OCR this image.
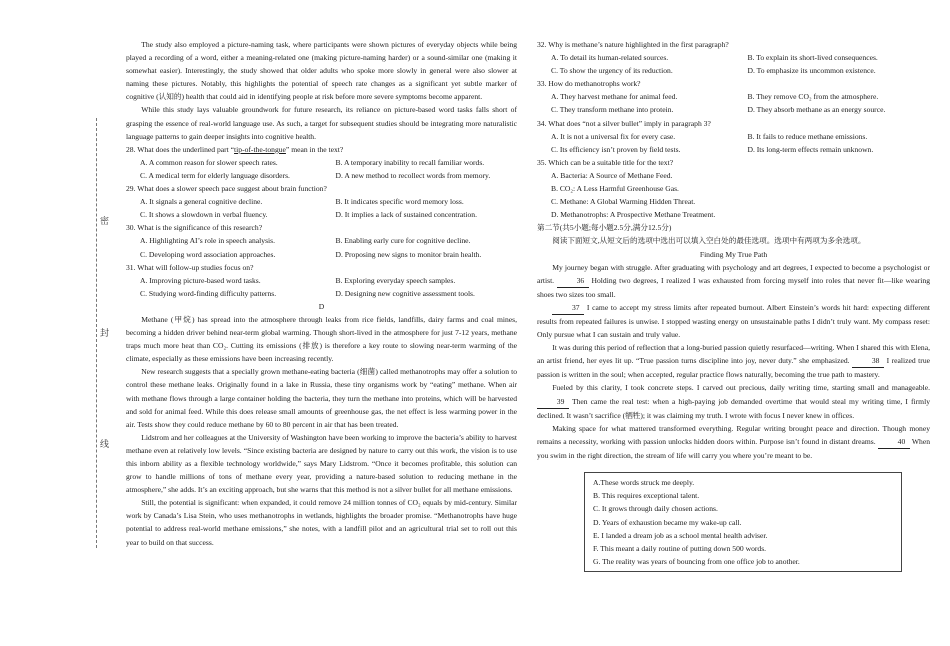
密
封
线

The study also employed a picture-naming task, where participants were shown pictures of everyday objects while being played a recording of a word, either a meaning-related one (making picture-naming harder) or a sound-similar one (making it somewhat easier). Interestingly, the study showed that older adults who spoke more slowly in general were also slower at naming these pictures. Notably, this highlights the potential of speech rate changes as a significant yet subtle marker of cognitive (认知的) health that could aid in identifying people at risk before more severe symptoms become apparent.

While this study lays valuable groundwork for future research, its reliance on picture-based word tasks falls short of grasping the essence of real-world language use. As such, a target for subsequent studies should be integrating more naturalistic language patterns to gain deeper insights into cognitive health.

28. What does the underlined part “tip-of-the-tongue” mean in the text?

A. A common reason for slower speech rates.	B. A temporary inability to recall familiar words.
C. A medical term for elderly language disorders.	D. A new method to recollect words from memory.

29. What does a slower speech pace suggest about brain function?

A. It signals a general cognitive decline.	B. It indicates specific word memory loss.
C. It shows a slowdown in verbal fluency.	D. It implies a lack of sustained concentration.

30. What is the significance of this research?

A. Highlighting AI’s role in speech analysis.	B. Enabling early cure for cognitive decline.
C. Developing word association approaches.	D. Proposing new signs to monitor brain health.

31. What will follow-up studies focus on?

A. Improving picture-based word tasks.	B. Exploring everyday speech samples.
C. Studying word-finding difficulty patterns.	D. Designing new cognitive assessment tools.

D

Methane (甲烷) has spread into the atmosphere through leaks from rice fields, landfills, dairy farms and coal mines, becoming a hidden driver behind near-term global warming. Though short-lived in the atmosphere for just 7-12 years, methane traps much more heat than CO₂. Cutting its emissions (排放) is therefore a key route to slowing near-term warming of the climate, especially as these emissions have been increasing recently.

New research suggests that a specially grown methane-eating bacteria (细菌) called methanotrophs may offer a solution to control these methane leaks. Originally found in a lake in Russia, these tiny organisms work by “eating” methane. When air with methane flows through a large container holding the bacteria, they turn the methane into proteins, which will be harvested and sold for animal feed. While this does release small amounts of greenhouse gas, the net effect is less warming power in the air. Tests show they could reduce methane by 60 to 80 percent in air that has been treated.

Lidstrom and her colleagues at the University of Washington have been working to improve the bacteria’s ability to harvest methane even at relatively low levels. “Since existing bacteria are designed by nature to carry out this work, the vision is to use this inborn ability as a flexible technology worldwide,” says Mary Lidstrom. “Once it becomes profitable, this solution can grow to handle millions of tons of methane every year, providing a nature-based solution to reducing methane in the atmosphere,” she adds. It’s an exciting approach, but she warns that this method is not a silver bullet for all methane emissions.

Still, the potential is significant: when expanded, it could remove 24 million tonnes of CO₂ equals by mid-century. Similar work by Canada’s Lisa Stein, who uses methanotrophs in wetlands, highlights the broader promise. “Methanotrophs have huge potential to address real-world methane emissions,” she notes, with a landfill pilot and an agricultural trial set to roll out this year to build on that success.

32. Why is methane’s nature highlighted in the first paragraph?

A. To detail its human-related sources.	B. To explain its short-lived consequences.
C. To show the urgency of its reduction.	D. To emphasize its uncommon existence.

33. How do methanotrophs work?

A. They harvest methane for animal feed.	B. They remove CO₂ from the atmosphere.
C. They transform methane into protein.	D. They absorb methane as an energy source.

34. What does “not a silver bullet” imply in paragraph 3?

A. It is not a universal fix for every case.	B. It fails to reduce methane emissions.
C. Its efficiency isn’t proven by field tests.	D. Its long-term effects remain unknown.

35. Which can be a suitable title for the text?

A. Bacteria: A Source of Methane Feed.

B. CO₂: A Less Harmful Greenhouse Gas.

C. Methane: A Global Warming Hidden Threat.

D. Methanotrophs: A Prospective Methane Treatment.

第二节(共5小题;每小题2.5分,满分12.5分)

阅读下面短文,从短文后的选项中选出可以填入空白处的最佳选项。选项中有两项为多余选项。

Finding My True Path

My journey began with struggle. After graduating with psychology and art degrees, I expected to become a psychologist or artist.	36 Holding two degrees, I realized I was exhausted from forcing myself into roles that never fit—like wearing shoes two sizes too small.

37 I came to accept my stress limits after repeated burnout. Albert Einstein’s words hit hard: expecting different results from repeated failures is unwise. I stopped wasting energy on unsustainable paths I didn’t truly want. My compass reset: Only pursue what I can sustain and truly value.

It was during this period of reflection that a long-buried passion quietly resurfaced—writing. When I shared this with Elena, an artist friend, her eyes lit up. “True passion turns discipline into joy, never duty.” she emphasized.	38 I realized true passion is written in the soul; when accepted, regular practice flows naturally, becoming the true path to mastery.

Fueled by this clarity, I took concrete steps. I carved out precious, daily writing time, starting small and manageable. 39 Then came the real test: when a high-paying job demanded overtime that would steal my writing time, I firmly declined. It wasn’t sacrifice (牺牲); it was claiming my truth. I wrote with focus I never knew in offices.

Making space for what mattered transformed everything. Regular writing brought peace and direction. Though money remains a necessity, working with passion unlocks hidden doors within. Purpose isn’t found in distant dreams.	40 When you swim in the right direction, the stream of life will carry you where you’re meant to be.

A.These words struck me deeply.
B. This requires exceptional talent.
C. It grows through daily chosen actions.
D. Years of exhaustion became my wake-up call.
E. I landed a dream job as a school mental health adviser.
F. This meant a daily routine of putting down 500 words.
G. The reality was years of bouncing from one office job to another.
